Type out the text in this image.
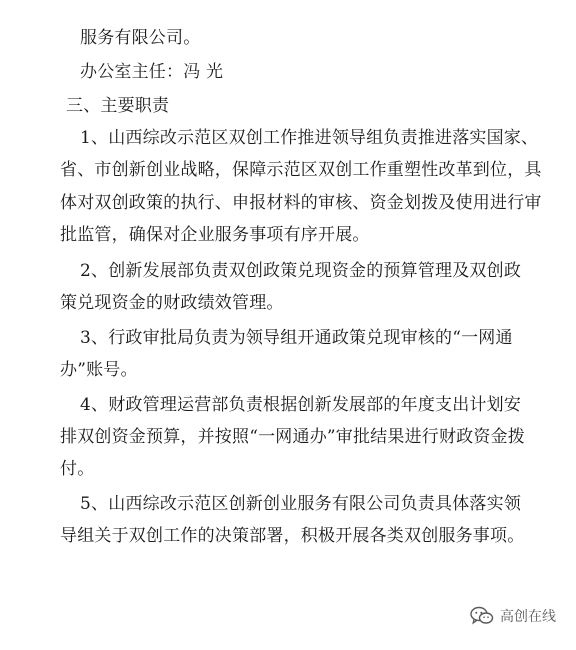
服务有限公司。
办公室主任：冯 光
三、主要职责
1、山西综改示范区双创工作推进领导组负责推进落实国家、
省、市创新创业战略，保障示范区双创工作重塑性改革到位，具
体对双创政策的执行、申报材料的审核、资金划拨及使用进行审
批监管，确保对企业服务事项有序开展。
2、创新发展部负责双创政策兑现资金的预算管理及双创政
策兑现资金的财政绩效管理。
3、行政审批局负责为领导组开通政策兑现审核的“一网通
办”账号。
4、财政管理运营部负责根据创新发展部的年度支出计划安
排双创资金预算，并按照“一网通办”审批结果进行财政资金拨
付。
5、山西综改示范区创新创业服务有限公司负责具体落实领
导组关于双创工作的决策部署，积极开展各类双创服务事项。
高创在线
